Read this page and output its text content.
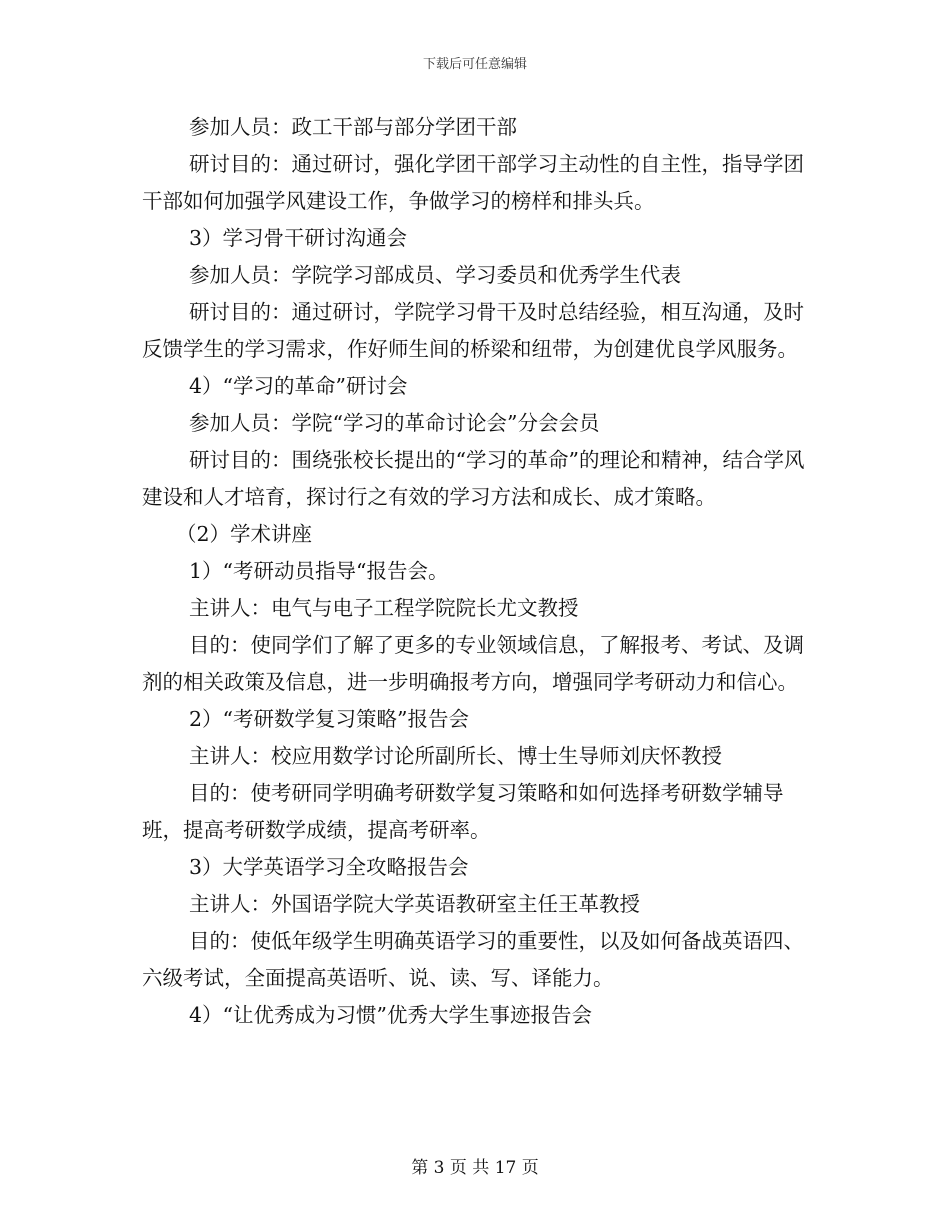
下载后可任意编辑

参加人员：政工干部与部分学团干部

研讨目的：通过研讨，强化学团干部学习主动性的自主性，指导学团干部如何加强学风建设工作，争做学习的榜样和排头兵。

3）学习骨干研讨沟通会

参加人员：学院学习部成员、学习委员和优秀学生代表

研讨目的：通过研讨，学院学习骨干及时总结经验，相互沟通，及时反馈学生的学习需求，作好师生间的桥梁和纽带，为创建优良学风服务。

4）“学习的革命”研讨会

参加人员：学院“学习的革命讨论会”分会会员

研讨目的：围绕张校长提出的“学习的革命”的理论和精神，结合学风建设和人才培育，探讨行之有效的学习方法和成长、成才策略。

（2）学术讲座

1）“考研动员指导“报告会。

主讲人：电气与电子工程学院院长尤文教授

目的：使同学们了解了更多的专业领域信息，了解报考、考试、及调剂的相关政策及信息，进一步明确报考方向，增强同学考研动力和信心。

2）“考研数学复习策略”报告会

主讲人：校应用数学讨论所副所长、博士生导师刘庆怀教授

目的：使考研同学明确考研数学复习策略和如何选择考研数学辅导班，提高考研数学成绩，提高考研率。

3）大学英语学习全攻略报告会

主讲人：外国语学院大学英语教研室主任王革教授

目的：使低年级学生明确英语学习的重要性，以及如何备战英语四、六级考试，全面提高英语听、说、读、写、译能力。

4）“让优秀成为习惯”优秀大学生事迹报告会

第 3 页 共 17 页
